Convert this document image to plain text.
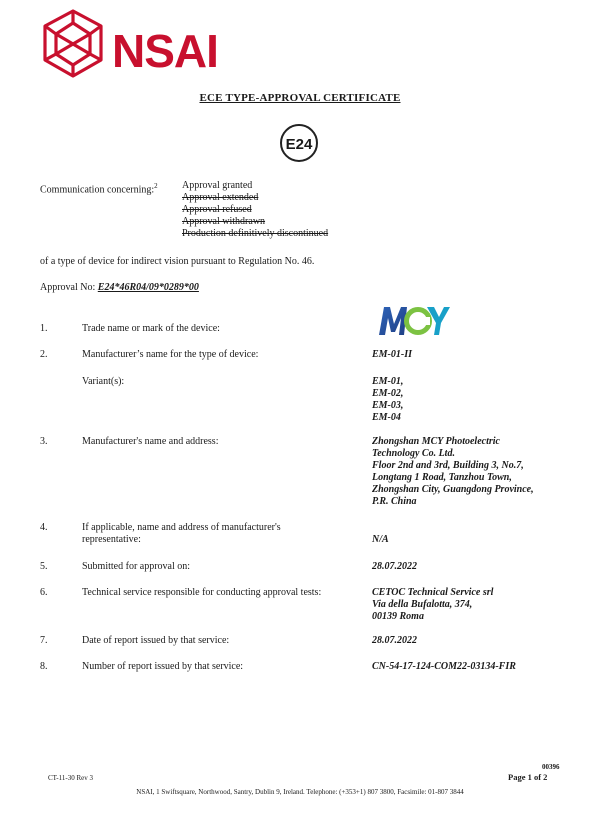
NSAI
ECE TYPE-APPROVAL CERTIFICATE
E24
Communication concerning:$^2$ Approval granted
Approval extended
Approval refused
Approval withdrawn
Production definitively discontinued
of a type of device for indirect vision pursuant to Regulation No. 46.
Approval No: E24*46R04/09*0289*00
1.	Trade name or mark of the device:
2.	Manufacturer’s name for the type of device:	EM-01-II
Variant(s):	EM-01,
EM-02,
EM-03,
EM-04
3.	Manufacturer's name and address:	Zhongshan MCY Photoelectric
Technology Co. Ltd.
Floor 2nd and 3rd, Building 3, No.7,
Longtang 1 Road, Tanzhou Town,
Zhongshan City, Guangdong Province,
P.R. China
4.	If applicable, name and address of manufacturer's
representative:	N/A
5.	Submitted for approval on:	28.07.2022
6.	Technical service responsible for conducting approval tests:	CETOC Technical Service srl
Via della Bufalotta, 374,
00139 Roma
7.	Date of report issued by that service:	28.07.2022
8.	Number of report issued by that service:	CN-54-17-124-COM22-03134-FIR
00396
CT-11-30 Rev 3	Page 1 of 2
NSAI, 1 Swiftsquare, Northwood, Santry, Dublin 9, Ireland. Telephone: (+353+1) 807 3800, Facsimile: 01-807 3844
